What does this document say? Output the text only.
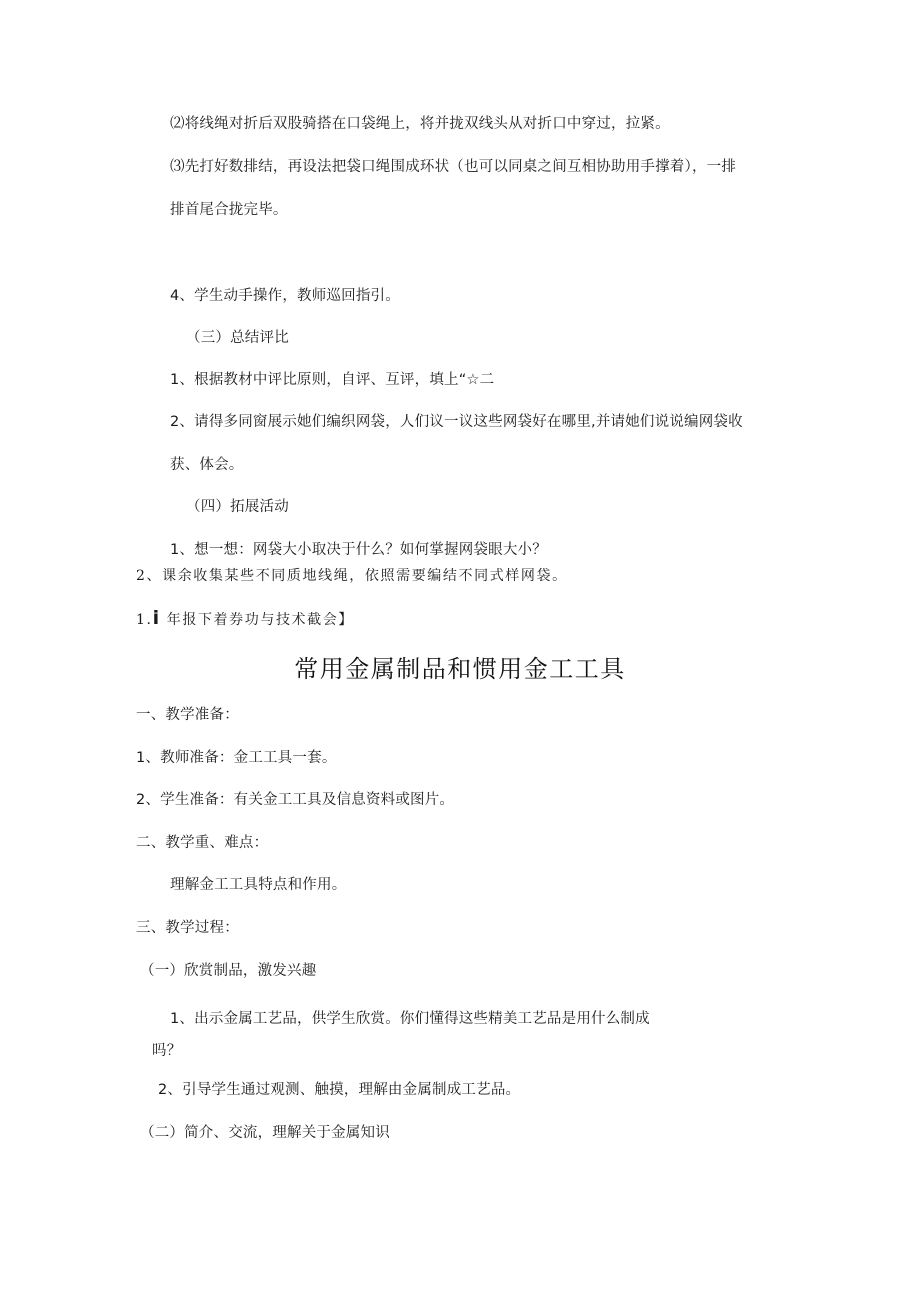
⑵将线绳对折后双股骑搭在口袋绳上，将并拢双线头从对折口中穿过，拉紧。
⑶先打好数排结，再设法把袋口绳围成环状（也可以同桌之间互相协助用手撑着），一排
排首尾合拢完毕。
4、学生动手操作，教师巡回指引。
（三）总结评比
1、根据教材中评比原则，自评、互评，填上“☆二
2、请得多同窗展示她们编织网袋，人们议一议这些网袋好在哪里,并请她们说说编网袋收
获、体会。
（四）拓展活动
1、想一想：网袋大小取决于什么？如何掌握网袋眼大小？
2、课余收集某些不同质地线绳，依照需要编结不同式样网袋。
1.i 年报下着券功与技术截会】
常用金属制品和惯用金工工具
一、教学准备：
1、教师准备：金工工具一套。
2、学生准备：有关金工工具及信息资料或图片。
二、教学重、难点：
理解金工工具特点和作用。
三、教学过程：
（一）欣赏制品，激发兴趣
1、出示金属工艺品，供学生欣赏。你们懂得这些精美工艺品是用什么制成
吗？
2、引导学生通过观测、触摸，理解由金属制成工艺品。
（二）简介、交流，理解关于金属知识
